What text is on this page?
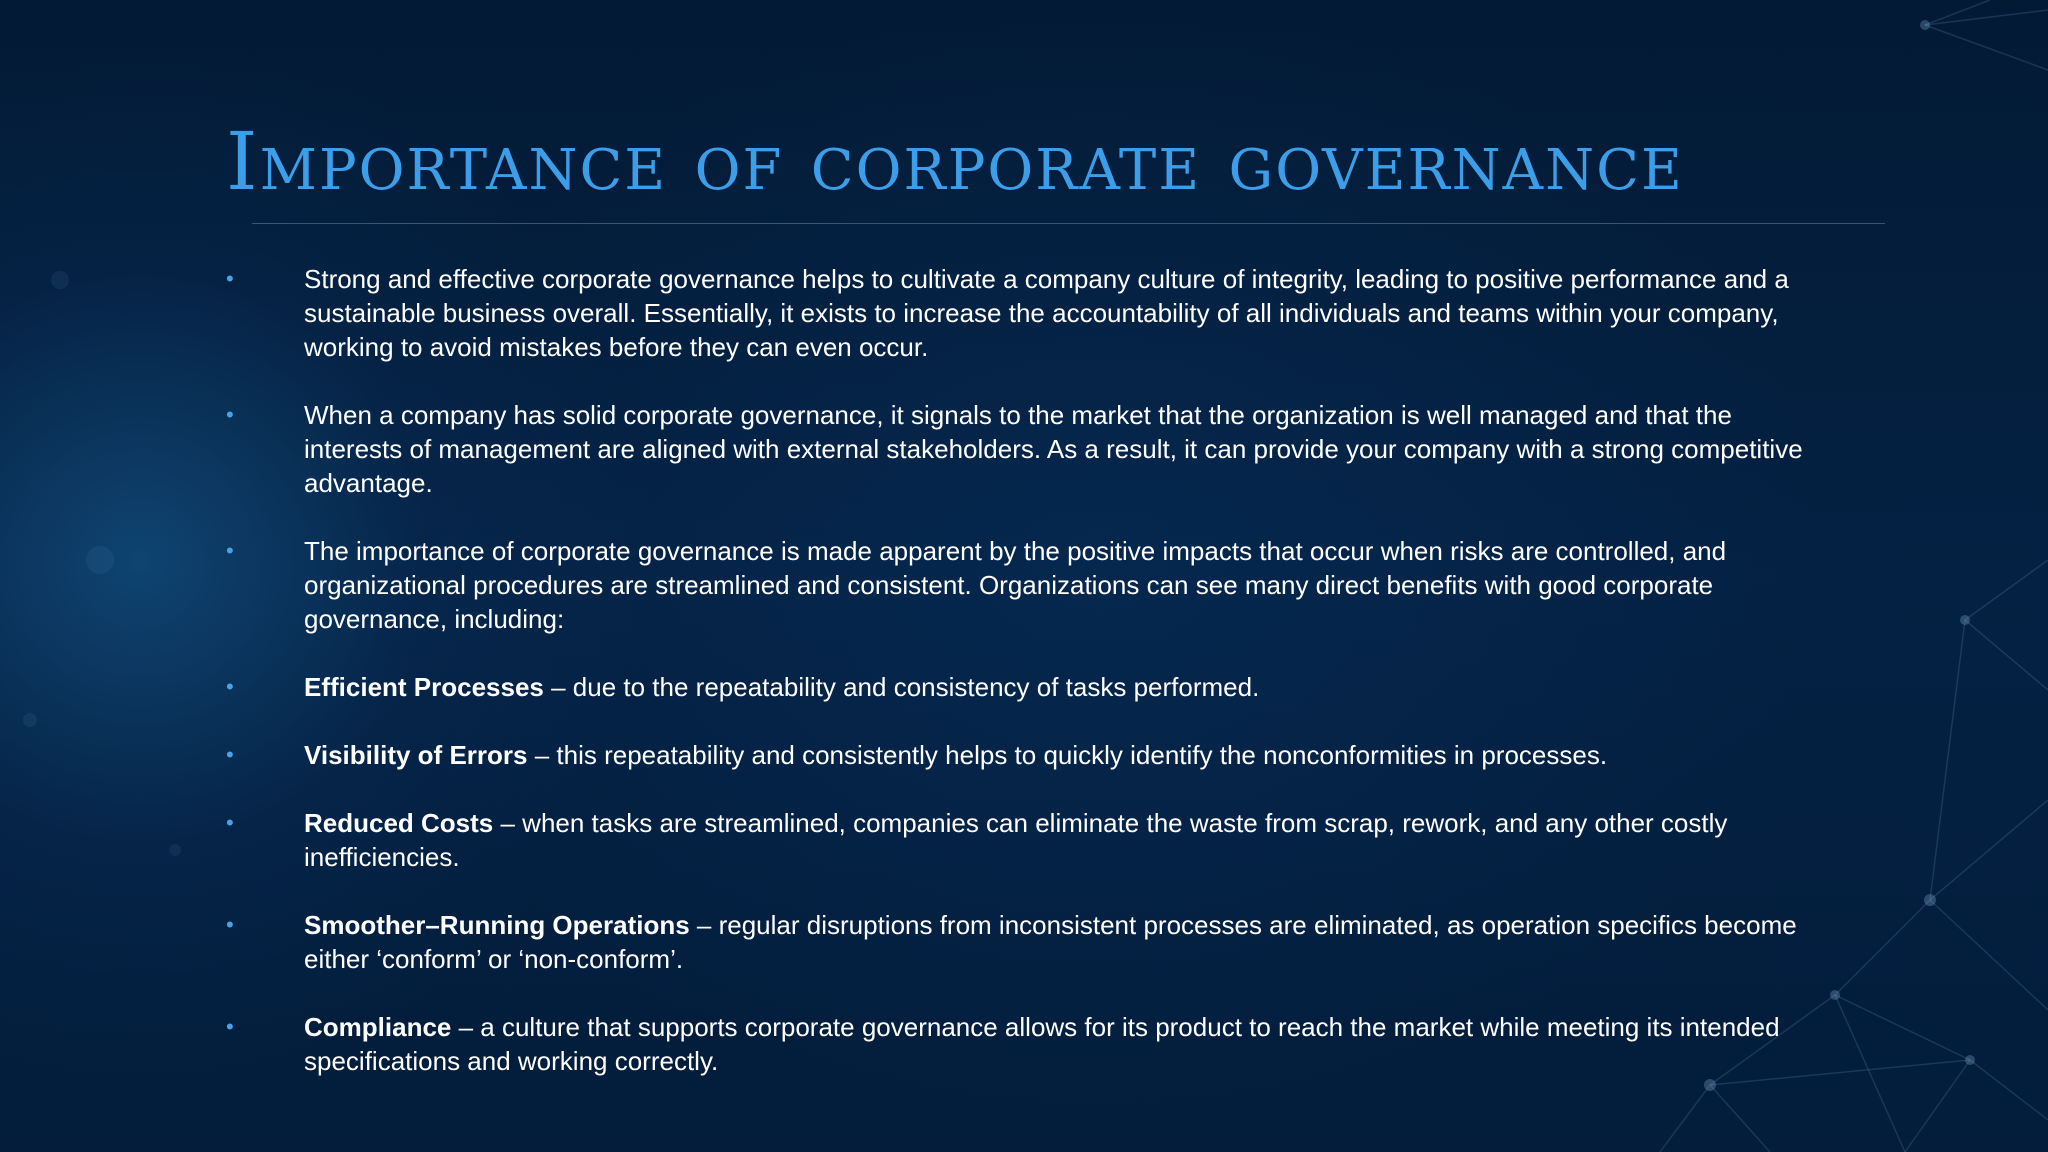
Importance of corporate governance
•	Strong and effective corporate governance helps to cultivate a company culture of integrity, leading to positive performance and a sustainable business overall. Essentially, it exists to increase the accountability of all individuals and teams within your company, working to avoid mistakes before they can even occur.
•	When a company has solid corporate governance, it signals to the market that the organization is well managed and that the interests of management are aligned with external stakeholders. As a result, it can provide your company with a strong competitive advantage.
•	The importance of corporate governance is made apparent by the positive impacts that occur when risks are controlled, and organizational procedures are streamlined and consistent. Organizations can see many direct benefits with good corporate governance, including:
•	Efficient Processes – due to the repeatability and consistency of tasks performed.
•	Visibility of Errors – this repeatability and consistently helps to quickly identify the nonconformities in processes.
•	Reduced Costs – when tasks are streamlined, companies can eliminate the waste from scrap, rework, and any other costly inefficiencies.
•	Smoother–Running Operations – regular disruptions from inconsistent processes are eliminated, as operation specifics become either ‘conform’ or ‘non-conform’.
•	Compliance – a culture that supports corporate governance allows for its product to reach the market while meeting its intended specifications and working correctly.
